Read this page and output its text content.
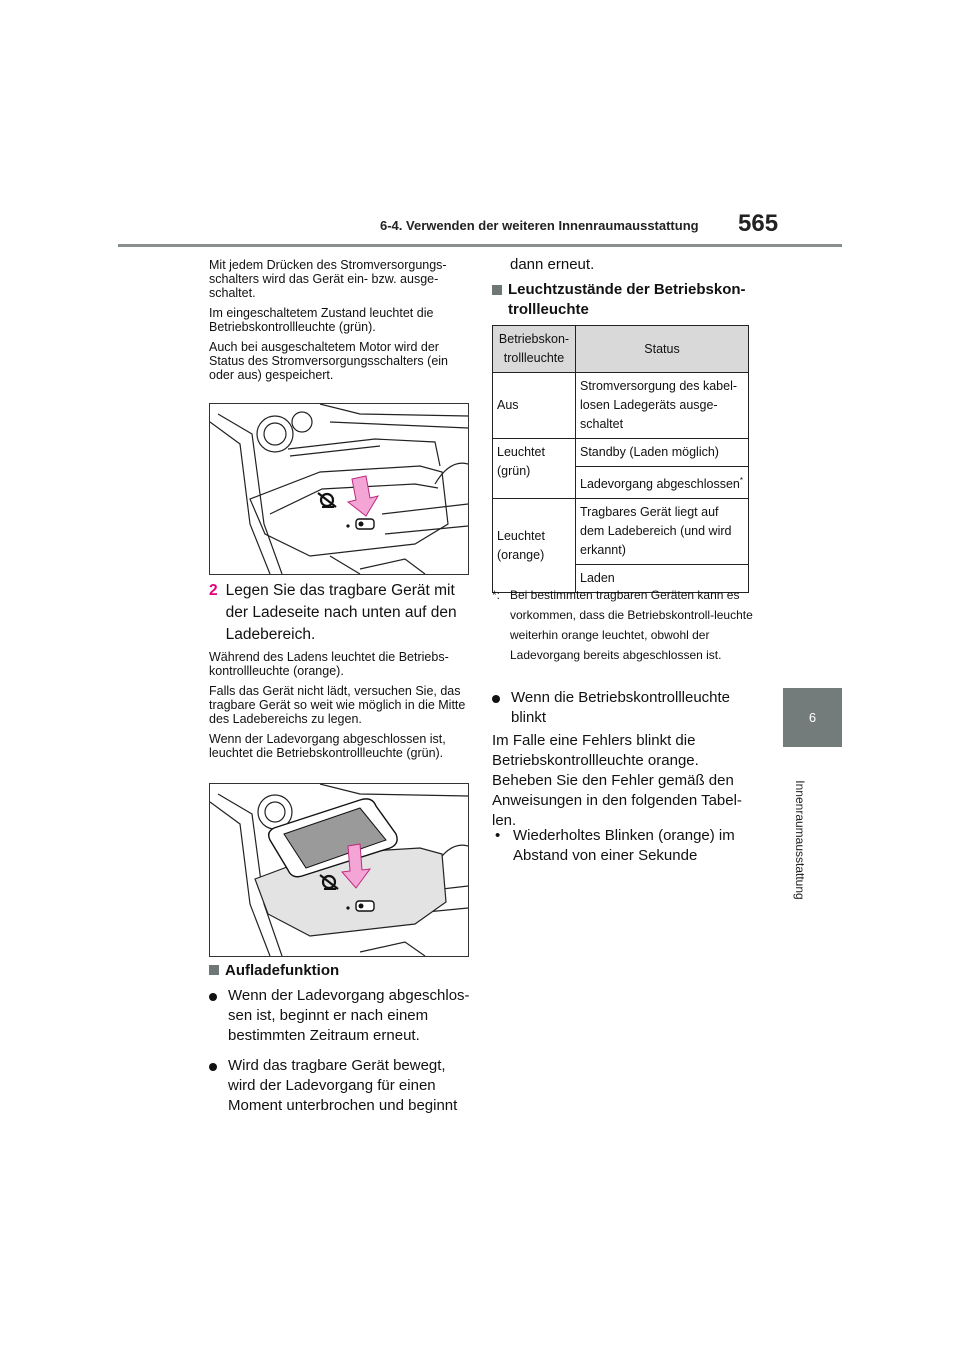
6-4. Verwenden der weiteren Innenraumausstattung 565
6
Innenraumausstattung

Mit jedem Drücken des Stromversorgungs-schalters wird das Gerät ein- bzw. ausge-schaltet.

Im eingeschaltetem Zustand leuchtet die Betriebskontrollleuchte (grün).

Auch bei ausgeschaltetem Motor wird der Status des Stromversorgungsschalters (ein oder aus) gespeichert.

2 Legen Sie das tragbare Gerät mit der Ladeseite nach unten auf den Ladebereich.

Während des Ladens leuchtet die Betriebs-kontrollleuchte (orange).

Falls das Gerät nicht lädt, versuchen Sie, das tragbare Gerät so weit wie möglich in die Mitte des Ladebereichs zu legen.

Wenn der Ladevorgang abgeschlossen ist, leuchtet die Betriebskontrollleuchte (grün).

Aufladefunktion
Wenn der Ladevorgang abgeschlos-sen ist, beginnt er nach einem bestimmten Zeitraum erneut.
Wird das tragbare Gerät bewegt, wird der Ladevorgang für einen Moment unterbrochen und beginnt
dann erneut.
Leuchtzustände der Betriebskon-trollleuchte
Betriebskon-trollleuchte	Status
Aus	Stromversorgung des kabel-losen Ladegeräts ausge-schaltet
Leuchtet (grün)	Standby (Laden möglich)
	Ladevorgang abgeschlossen*
Leuchtet (orange)	Tragbares Gerät liegt auf dem Ladebereich (und wird erkannt)
	Laden
*: Bei bestimmten tragbaren Geräten kann es vorkommen, dass die Betriebskontroll-leuchte weiterhin orange leuchtet, obwohl der Ladevorgang bereits abgeschlossen ist.
Wenn die Betriebskontrollleuchte blinkt
Im Falle eine Fehlers blinkt die Betriebskontrollleuchte orange. Beheben Sie den Fehler gemäß den Anweisungen in den folgenden Tabel-len.
• Wiederholtes Blinken (orange) im Abstand von einer Sekunde
